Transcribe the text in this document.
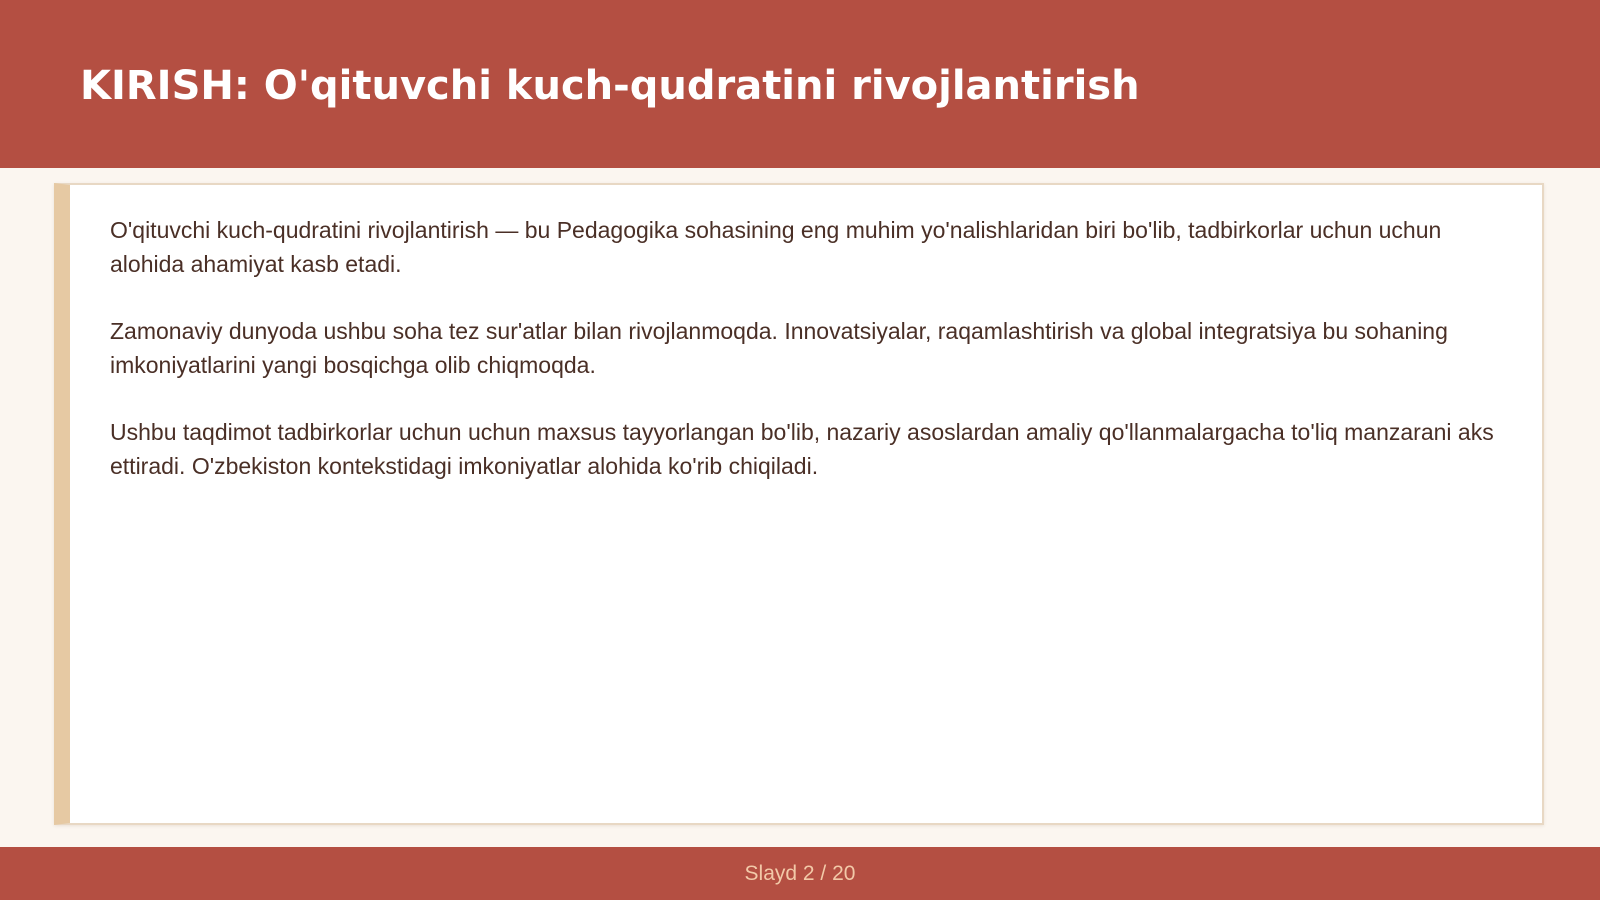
KIRISH: O'qituvchi kuch-qudratini rivojlantirish

O'qituvchi kuch-qudratini rivojlantirish — bu Pedagogika sohasining eng muhim yo'nalishlaridan biri bo'lib, tadbirkorlar uchun uchun alohida ahamiyat kasb etadi.

Zamonaviy dunyoda ushbu soha tez sur'atlar bilan rivojlanmoqda. Innovatsiyalar, raqamlashtirish va global integratsiya bu sohaning imkoniyatlarini yangi bosqichga olib chiqmoqda.

Ushbu taqdimot tadbirkorlar uchun uchun maxsus tayyorlangan bo'lib, nazariy asoslardan amaliy qo'llanmalargacha to'liq manzarani aks ettiradi. O'zbekiston kontekstidagi imkoniyatlar alohida ko'rib chiqiladi.

Slayd 2 / 20
